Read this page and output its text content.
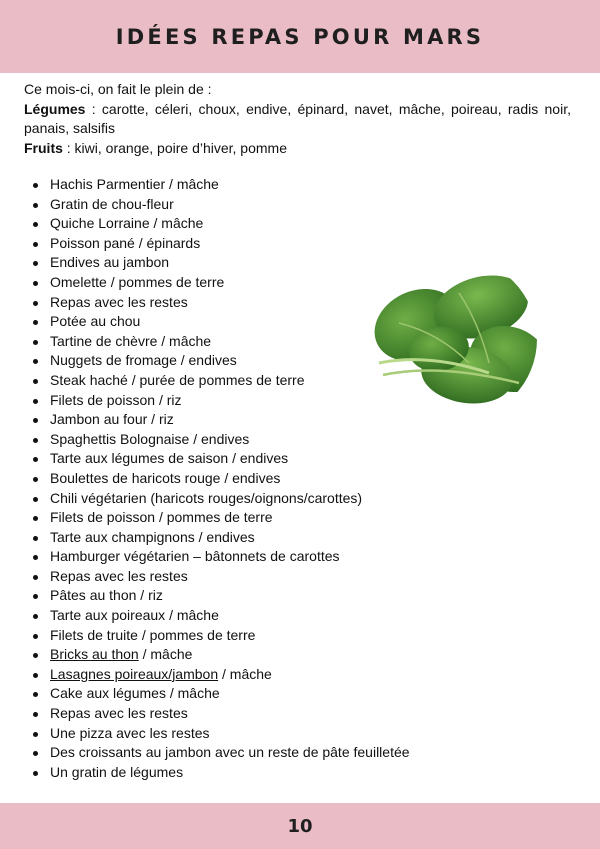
IDÉES REPAS POUR MARS

Ce mois-ci, on fait le plein de :

Légumes : carotte, céleri, choux, endive, épinard, navet, mâche, poireau, radis noir, panais, salsifis

Fruits : kiwi, orange, poire d’hiver, pomme

Hachis Parmentier / mâche
Gratin de chou-fleur
Quiche Lorraine / mâche
Poisson pané / épinards
Endives au jambon
Omelette / pommes de terre
Repas avec les restes
Potée au chou
Tartine de chèvre / mâche
Nuggets de fromage / endives
Steak haché / purée de pommes de terre
Filets de poisson / riz
Jambon au four / riz
Spaghettis Bolognaise / endives
Tarte aux légumes de saison / endives
Boulettes de haricots rouge / endives
Chili végétarien (haricots rouges/oignons/carottes)
Filets de poisson / pommes de terre
Tarte aux champignons / endives
Hamburger végétarien – bâtonnets de carottes
Repas avec les restes
Pâtes au thon / riz
Tarte aux poireaux / mâche
Filets de truite / pommes de terre
Bricks au thon / mâche
Lasagnes poireaux/jambon / mâche
Cake aux légumes / mâche
Repas avec les restes
Une pizza avec les restes
Des croissants au jambon avec un reste de pâte feuilletée
Un gratin de légumes
10
